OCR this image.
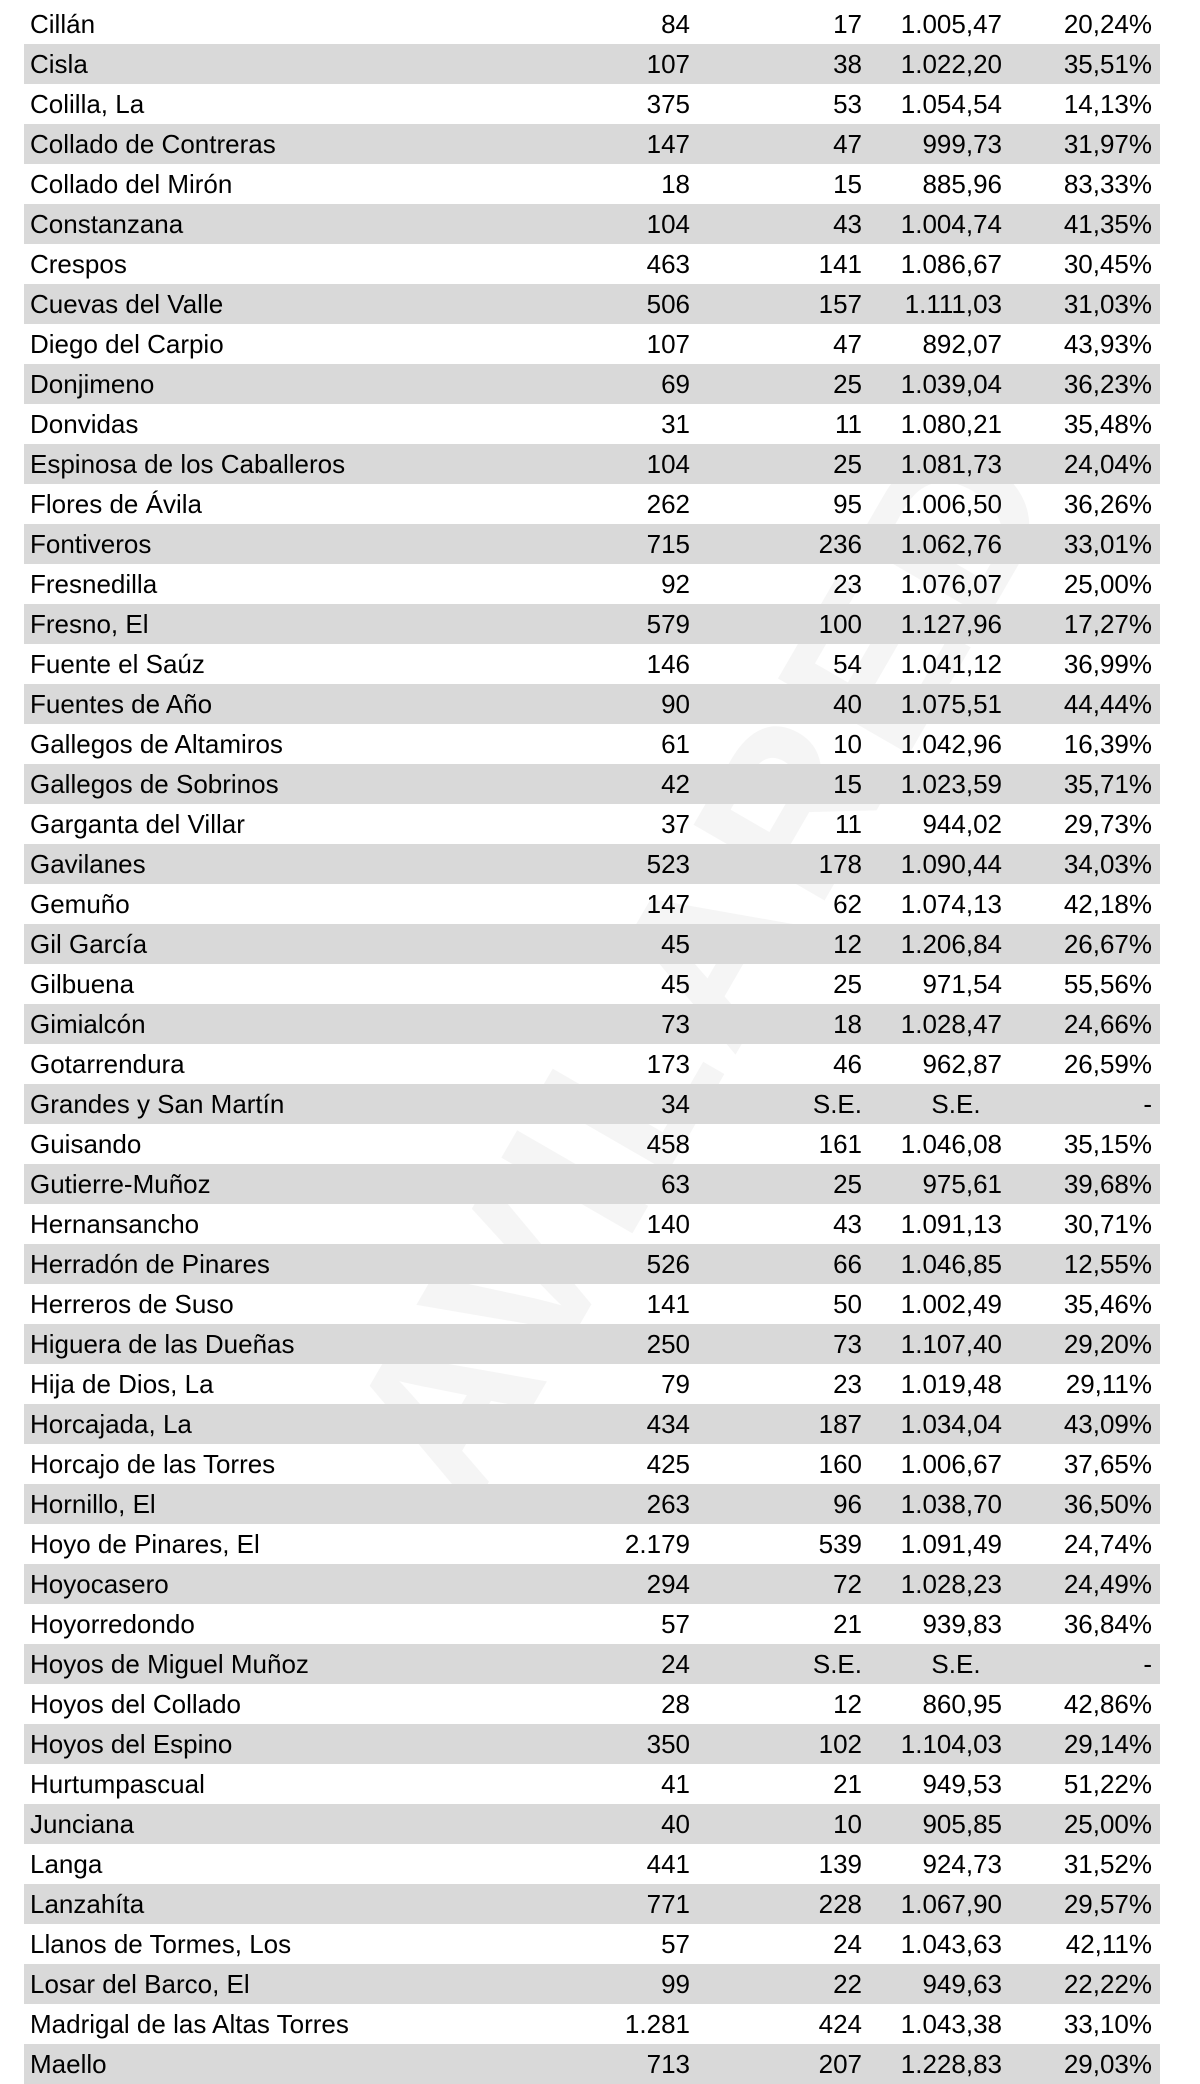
Cillán	84	17	1.005,47	20,24%
Cisla	107	38	1.022,20	35,51%
Colilla, La	375	53	1.054,54	14,13%
Collado de Contreras	147	47	999,73	31,97%
Collado del Mirón	18	15	885,96	83,33%
Constanzana	104	43	1.004,74	41,35%
Crespos	463	141	1.086,67	30,45%
Cuevas del Valle	506	157	1.111,03	31,03%
Diego del Carpio	107	47	892,07	43,93%
Donjimeno	69	25	1.039,04	36,23%
Donvidas	31	11	1.080,21	35,48%
Espinosa de los Caballeros	104	25	1.081,73	24,04%
Flores de Ávila	262	95	1.006,50	36,26%
Fontiveros	715	236	1.062,76	33,01%
Fresnedilla	92	23	1.076,07	25,00%
Fresno, El	579	100	1.127,96	17,27%
Fuente el Saúz	146	54	1.041,12	36,99%
Fuentes de Año	90	40	1.075,51	44,44%
Gallegos de Altamiros	61	10	1.042,96	16,39%
Gallegos de Sobrinos	42	15	1.023,59	35,71%
Garganta del Villar	37	11	944,02	29,73%
Gavilanes	523	178	1.090,44	34,03%
Gemuño	147	62	1.074,13	42,18%
Gil García	45	12	1.206,84	26,67%
Gilbuena	45	25	971,54	55,56%
Gimialcón	73	18	1.028,47	24,66%
Gotarrendura	173	46	962,87	26,59%
Grandes y San Martín	34	S.E.	S.E.	-
Guisando	458	161	1.046,08	35,15%
Gutierre-Muñoz	63	25	975,61	39,68%
Hernansancho	140	43	1.091,13	30,71%
Herradón de Pinares	526	66	1.046,85	12,55%
Herreros de Suso	141	50	1.002,49	35,46%
Higuera de las Dueñas	250	73	1.107,40	29,20%
Hija de Dios, La	79	23	1.019,48	29,11%
Horcajada, La	434	187	1.034,04	43,09%
Horcajo de las Torres	425	160	1.006,67	37,65%
Hornillo, El	263	96	1.038,70	36,50%
Hoyo de Pinares, El	2.179	539	1.091,49	24,74%
Hoyocasero	294	72	1.028,23	24,49%
Hoyorredondo	57	21	939,83	36,84%
Hoyos de Miguel Muñoz	24	S.E.	S.E.	-
Hoyos del Collado	28	12	860,95	42,86%
Hoyos del Espino	350	102	1.104,03	29,14%
Hurtumpascual	41	21	949,53	51,22%
Junciana	40	10	905,85	25,00%
Langa	441	139	924,73	31,52%
Lanzahíta	771	228	1.067,90	29,57%
Llanos de Tormes, Los	57	24	1.043,63	42,11%
Losar del Barco, El	99	22	949,63	22,22%
Madrigal de las Altas Torres	1.281	424	1.043,38	33,10%
Maello	713	207	1.228,83	29,03%
